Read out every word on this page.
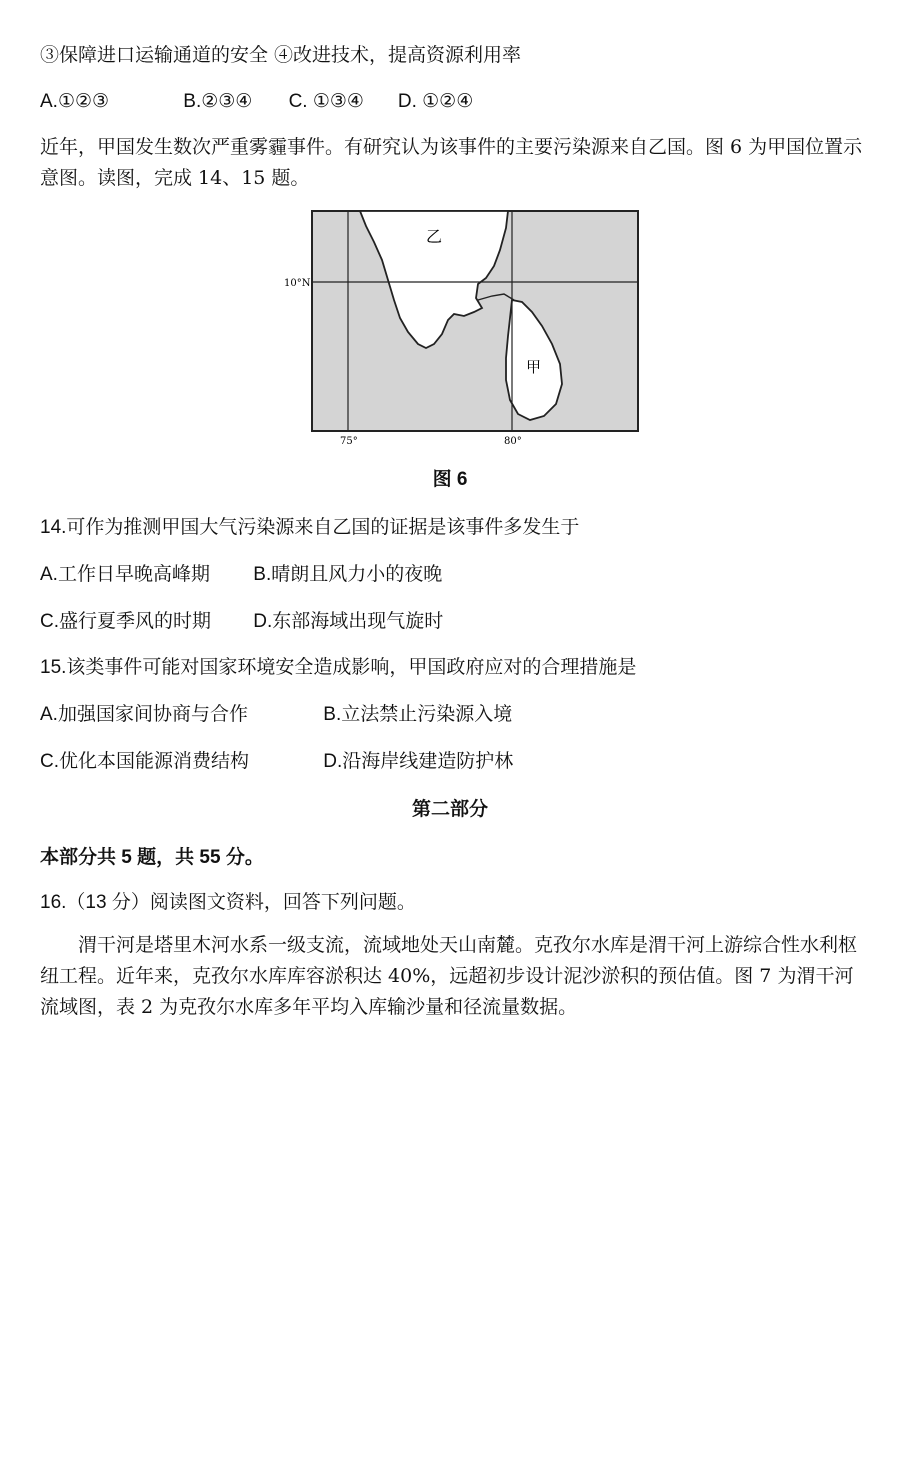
③保障进口运输通道的安全 ④改进技术，提高资源利用率
A.①②③	B.②③④ C. ①③④ D. ①②④
近年，甲国发生数次严重雾霾事件。有研究认为该事件的主要污染源来自乙国。图 6 为甲国位置示意图。读图，完成 14、15 题。
乙
甲
10°N
75°	80°
图 6
14.可作为推测甲国大气污染源来自乙国的证据是该事件多发生于
A.工作日早晚高峰期 B.晴朗且风力小的夜晚
C.盛行夏季风的时期 D.东部海域出现气旋时
15.该类事件可能对国家环境安全造成影响，甲国政府应对的合理措施是
A.加强国家间协商与合作	B.立法禁止污染源入境
C.优化本国能源消费结构	D.沿海岸线建造防护林
第二部分
本部分共 5 题，共 55 分。
16.（13 分）阅读图文资料，回答下列问题。
渭干河是塔里木河水系一级支流，流域地处天山南麓。克孜尔水库是渭干河上游综合性水利枢纽工程。近年来，克孜尔水库库容淤积达 40%，远超初步设计泥沙淤积的预估值。图 7 为渭干河流域图，表 2 为克孜尔水库多年平均入库输沙量和径流量数据。
